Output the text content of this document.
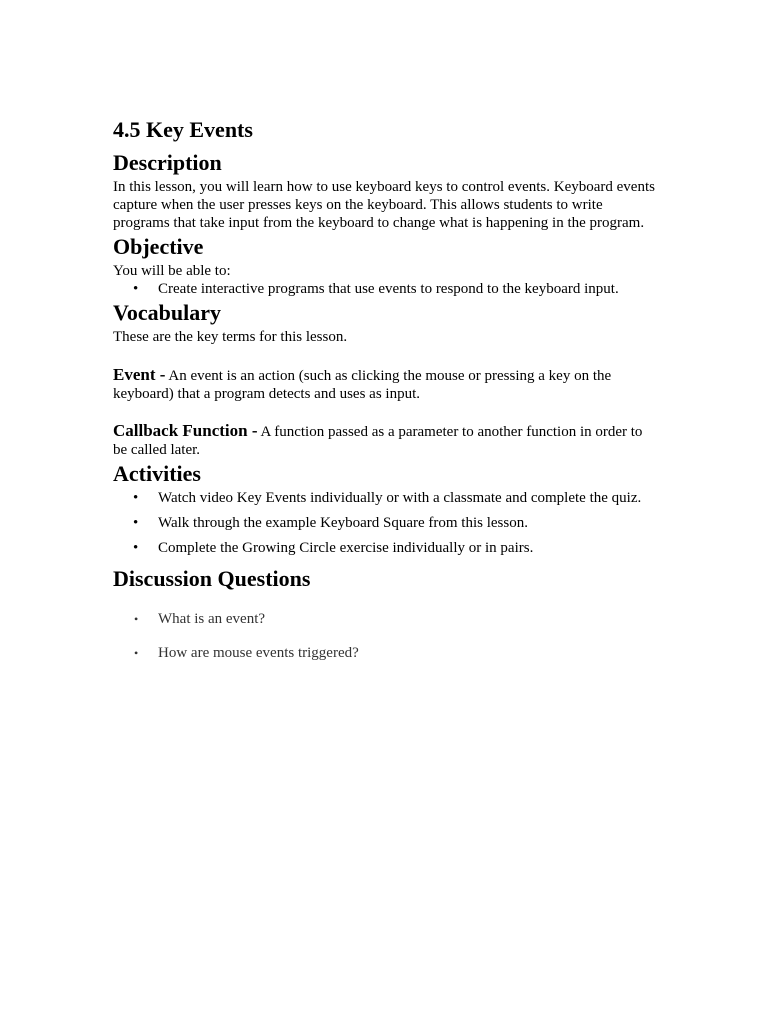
4.5 Key Events
Description

In this lesson, you will learn how to use keyboard keys to control events. Keyboard events capture when the user presses keys on the keyboard. This allows students to write programs that take input from the keyboard to change what is happening in the program.

Objective

You will be able to:

• Create interactive programs that use events to respond to the keyboard input.
Vocabulary

These are the key terms for this lesson.

Event - An event is an action (such as clicking the mouse or pressing a key on the keyboard) that a program detects and uses as input.

Callback Function - A function passed as a parameter to another function in order to be called later.

Activities
• Watch video Key Events individually or with a classmate and complete the quiz.
• Walk through the example Keyboard Square from this lesson.
• Complete the Growing Circle exercise individually or in pairs.
Discussion Questions
• What is an event?
• How are mouse events triggered?
